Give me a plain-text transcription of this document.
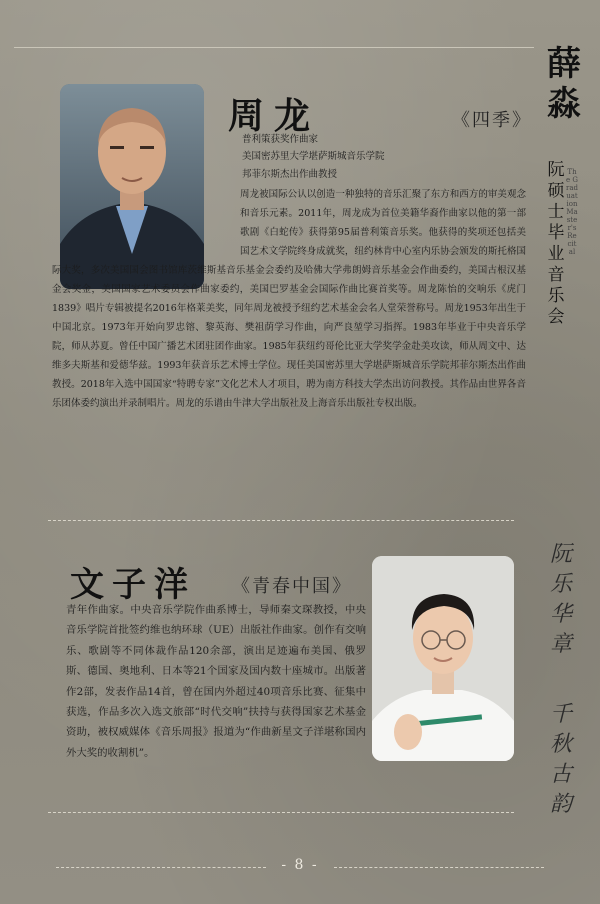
周龙	《四季》
普利策获奖作曲家
美国密苏里大学堪萨斯城音乐学院
邦菲尔斯杰出作曲教授
周龙被国际公认以创造一种独特的音乐汇聚了东方和西方的审美观念和音乐元素。2011年，周龙成为首位美籍华裔作曲家以他的第一部歌剧《白蛇传》获得第95届普利策音乐奖。他获得的奖项还包括美国艺术文学院终身成就奖，纽约林肯中心室内乐协会颁发的斯托格国际大奖，多次美国国会图书馆库茨维斯基音乐基金会委约及哈佛大学弗朗姆音乐基金会作曲委约，美国古根汉基金会奖金，美国国家艺术委员会作曲家委约，美国巴罗基金会国际作曲比赛首奖等。周龙陈怡的交响乐《虎门1839》唱片专辑被提名2016年格莱美奖，同年周龙被授予纽约艺术基金会名人堂荣誉称号。周龙1953年出生于中国北京。1973年开始向罗忠镕、黎英海、樊祖荫学习作曲，向严良堃学习指挥。1983年毕业于中央音乐学院，师从苏夏。曾任中国广播艺术团驻团作曲家。1985年获纽约哥伦比亚大学奖学金赴美攻读，师从周文中、达维多夫斯基和爱德华兹。1993年获音乐艺术博士学位。现任美国密苏里大学堪萨斯城音乐学院邦菲尔斯杰出作曲教授。2018年入选中国国家“特聘专家”文化艺术人才项目，聘为南方科技大学杰出访问教授。其作品由世界各音乐团体委约演出并录制唱片。周龙的乐谱由牛津大学出版社及上海音乐出版社专权出版。
薛淼
阮硕士毕业音乐会
The Graduation Master's Recital
文子洋 《青春中国》
青年作曲家。中央音乐学院作曲系博士，导师秦文琛教授，中央音乐学院首批签约维也纳环球（UE）出版社作曲家。创作有交响乐、歌剧等不同体裁作品120余部，演出足迹遍布美国、俄罗斯、德国、奥地利、日本等21个国家及国内数十座城市。出版著作2部，发表作品14首，曾在国内外超过40项音乐比赛、征集中获选，作品多次入选文旅部“时代交响”扶持与获得国家艺术基金资助，被权威媒体《音乐周报》报道为“作曲新星文子洋堪称国内外大奖的收割机”。
阮乐华章
千秋古韵
- 8 -
